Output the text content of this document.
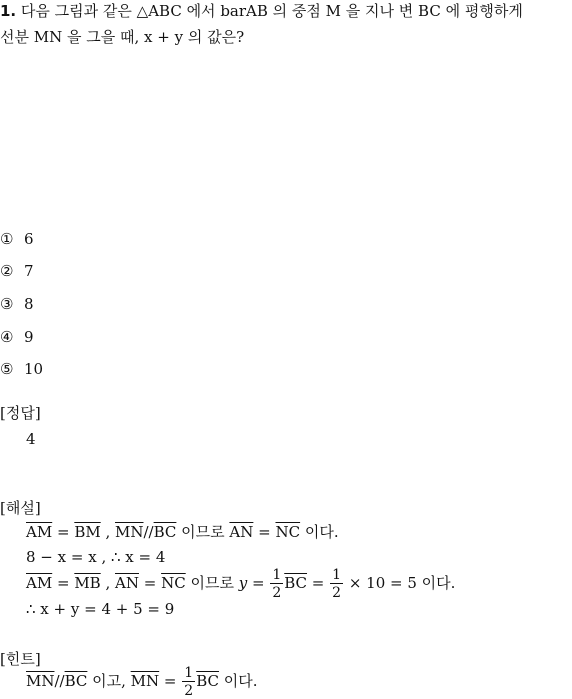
1. 다음 그림과 같은 △ABC 에서 barAB 의 중점 M 을 지나 변 BC 에 평행하게
선분 MN 을 그을 때, x + y 의 값은?
① 6
② 7
③ 8
④ 9
⑤ 10
[정답]
4
[해설]
$\overline{AM} = \overline{BM}$ , $\overline{MN}//\overline{BC}$ 이므로 $\overline{AN} = \overline{NC}$ 이다.
8 − x = x , ∴ x = 4
$\overline{AM} = \overline{MB}$ , $\overline{AN} = \overline{NC}$ 이므로 $y = \frac{1}{2} \overline{BC} = \frac{1}{2} \times 10 = 5$ 이다.
∴ x + y = 4 + 5 = 9
[힌트]
$\overline{MN}//\overline{BC}$ 이고, $\overline{MN} = \frac{1}{2} \overline{BC}$ 이다.
